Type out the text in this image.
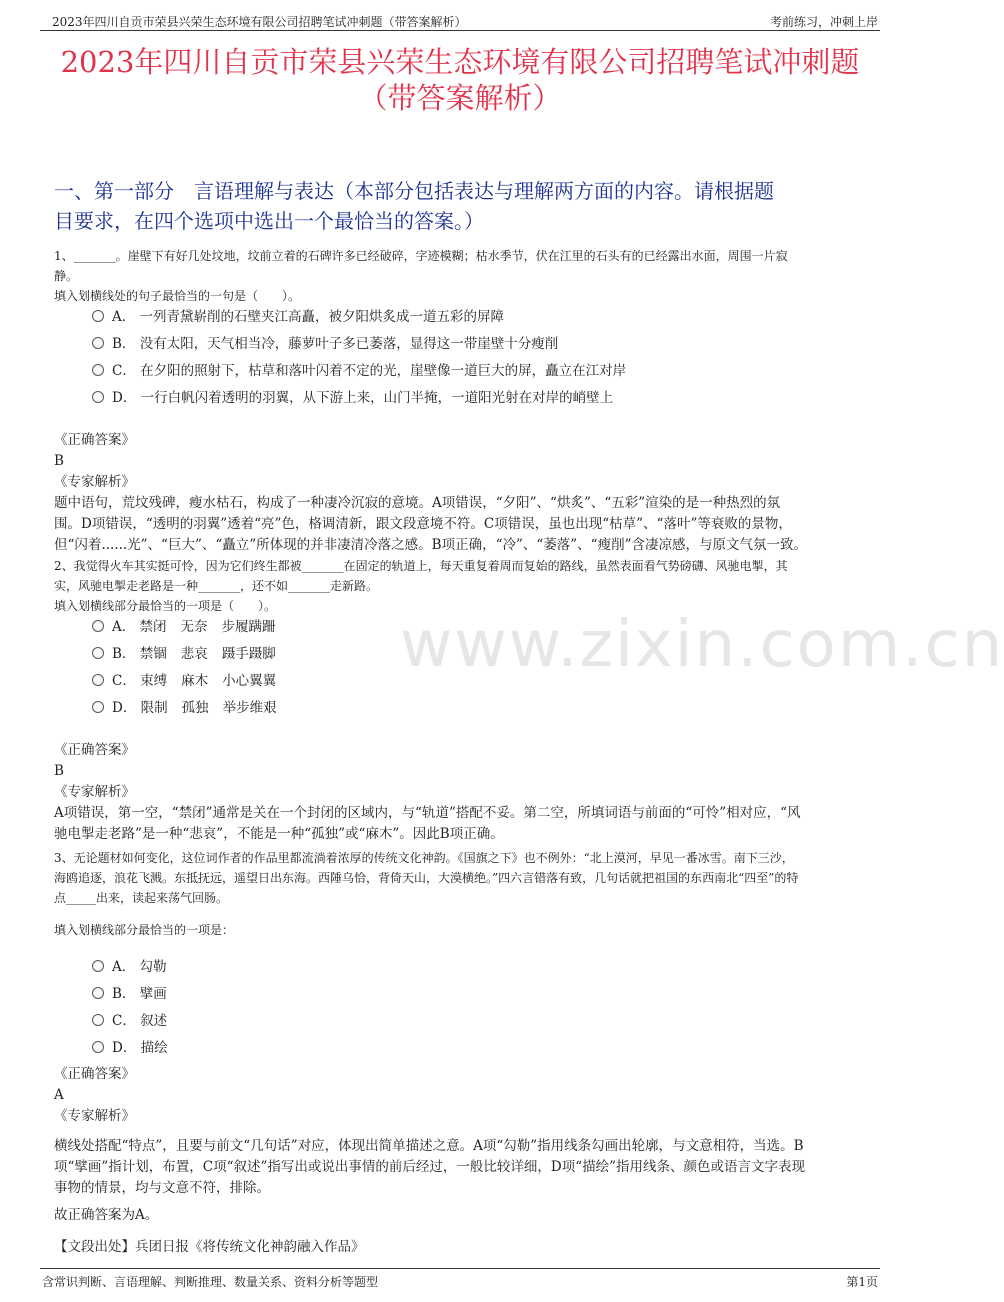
2023年四川自贡市荣县兴荣生态环境有限公司招聘笔试冲刺题（带答案解析）	考前练习，冲刺上岸
2023年四川自贡市荣县兴荣生态环境有限公司招聘笔试冲刺题
（带答案解析）
一、第一部分　言语理解与表达（本部分包括表达与理解两方面的内容。请根据题
目要求，在四个选项中选出一个最恰当的答案。）
www.zixin.com.cn
1、_______。崖壁下有好几处坟地，坟前立着的石碑许多已经破碎，字迹模糊；枯水季节，伏在江里的石头有的已经露出水面，周围一片寂
静。
填入划横线处的句子最恰当的一句是（　　）。
A． 一列青黛崭削的石壁夹江高矗，被夕阳烘炙成一道五彩的屏障
B． 没有太阳，天气相当冷，藤萝叶子多已萎落，显得这一带崖壁十分瘦削
C． 在夕阳的照射下，枯草和落叶闪着不定的光，崖壁像一道巨大的屏，矗立在江对岸
D． 一行白帆闪着透明的羽翼，从下游上来，山门半掩，一道阳光射在对岸的峭壁上
《正确答案》
B
《专家解析》
题中语句，荒坟残碑，瘦水枯石，构成了一种凄冷沉寂的意境。A项错误，“夕阳”、“烘炙”、“五彩”渲染的是一种热烈的氛
围。D项错误，“透明的羽翼”透着“亮”色，格调清新，跟文段意境不符。C项错误，虽也出现“枯草”、“落叶”等衰败的景物，
但“闪着......光”、“巨大”、“矗立”所体现的并非凄清冷落之感。B项正确，“冷”、“萎落”、“瘦削”含凄凉感，与原文气氛一致。
2、我觉得火车其实挺可怜，因为它们终生都被_______在固定的轨道上，每天重复着周而复始的路线，虽然表面看气势磅礴、风驰电掣，其
实，风驰电掣走老路是一种_______，还不如_______走新路。
填入划横线部分最恰当的一项是（　　）。
A． 禁闭 无奈 步履蹒跚
B． 禁锢 悲哀 蹑手蹑脚
C． 束缚 麻木 小心翼翼
D． 限制 孤独 举步维艰
《正确答案》
B
《专家解析》
A项错误，第一空，“禁闭”通常是关在一个封闭的区域内，与“轨道”搭配不妥。第二空，所填词语与前面的“可怜”相对应，“风
驰电掣走老路”是一种“悲哀”，不能是一种“孤独”或“麻木”。因此B项正确。
3、无论题材如何变化，这位词作者的作品里都流淌着浓厚的传统文化神韵。《国旗之下》也不例外：“北上漠河，早见一番冰雪。南下三沙，
海鸥追逐，浪花飞溅。东抵抚远，遥望日出东海。西陲乌恰，背倚天山，大漠横绝。”四六言错落有致，几句话就把祖国的东西南北“四至”的特
点_____出来，读起来荡气回肠。
填入划横线部分最恰当的一项是：
A． 勾勒
B． 擘画
C． 叙述
D． 描绘
《正确答案》
A
《专家解析》
横线处搭配“特点”，且要与前文“几句话”对应，体现出简单描述之意。A项“勾勒”指用线条勾画出轮廓，与文意相符，当选。B
项“擘画”指计划，布置，C项“叙述”指写出或说出事情的前后经过，一般比较详细，D项“描绘”指用线条、颜色或语言文字表现
事物的情景，均与文意不符，排除。
故正确答案为A。
【文段出处】兵团日报《将传统文化神韵融入作品》
含常识判断、言语理解、判断推理、数量关系、资料分析等题型	第1页
